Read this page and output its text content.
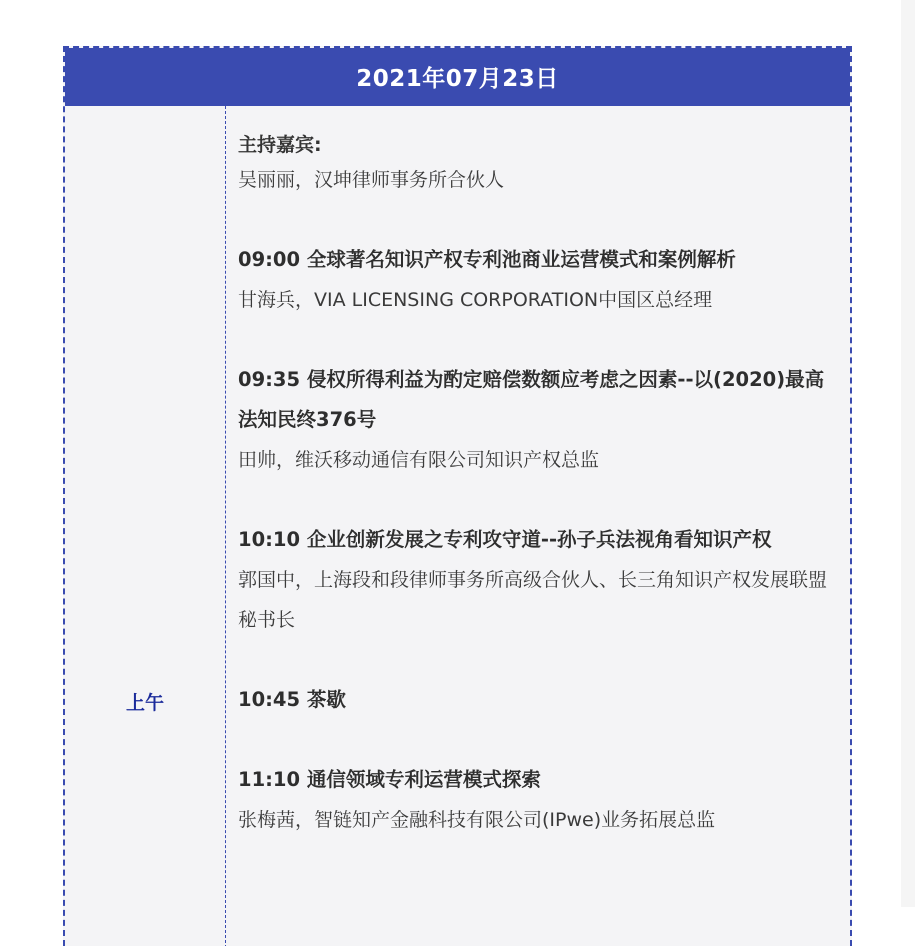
2021年07月23日
上午
主持嘉宾:
吴丽丽，汉坤律师事务所合伙人
09:00 全球著名知识产权专利池商业运营模式和案例解析
甘海兵，VIA LICENSING CORPORATION中国区总经理
09:35 侵权所得利益为酌定赔偿数额应考虑之因素--以(2020)最高法知民终376号
田帅，维沃移动通信有限公司知识产权总监
10:10 企业创新发展之专利攻守道--孙子兵法视角看知识产权
郭国中，上海段和段律师事务所高级合伙人、长三角知识产权发展联盟秘书长
10:45 茶歇
11:10 通信领域专利运营模式探索
张梅茜，智链知产金融科技有限公司(IPwe)业务拓展总监
